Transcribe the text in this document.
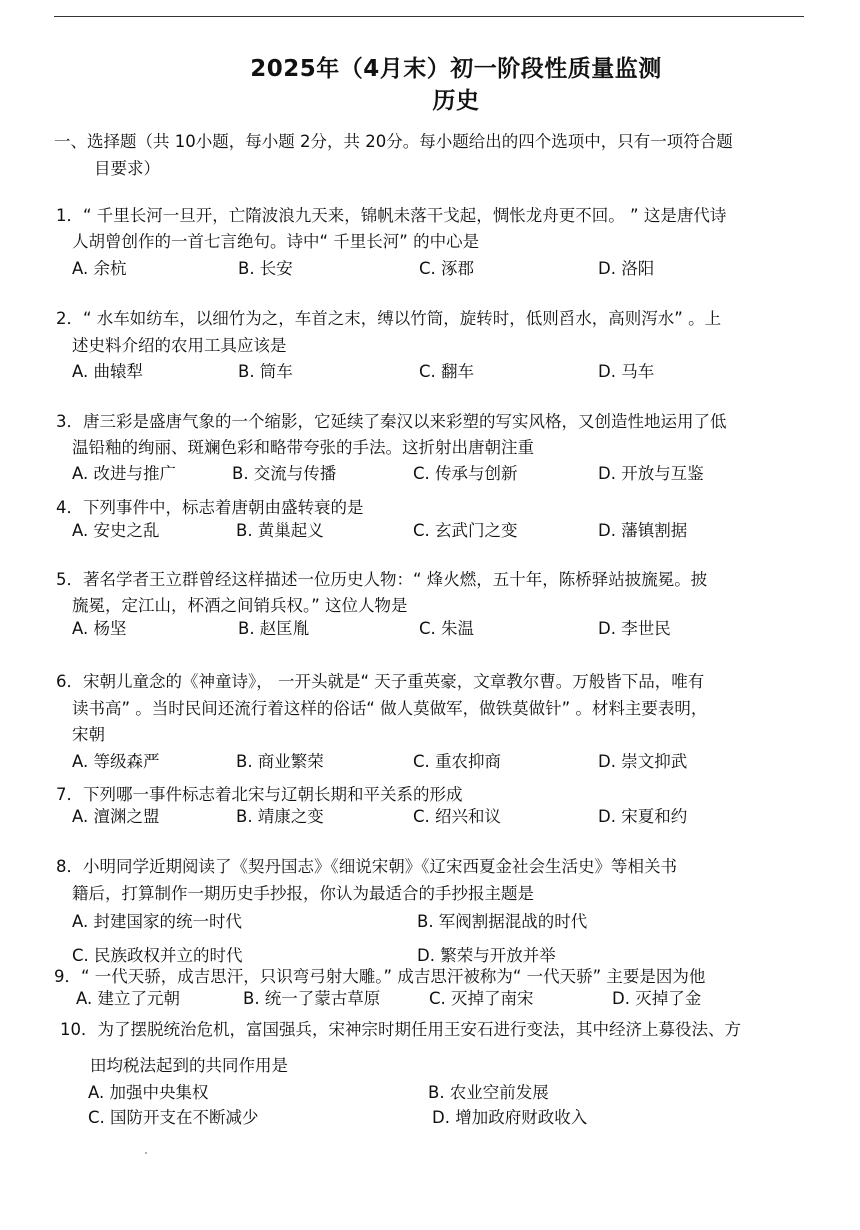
2025年（4月末）初一阶段性质量监测
历史
一、选择题（共 10小题，每小题 2分，共 20分。每小题给出的四个选项中，只有一项符合题
目要求）
1．“ 千里长河一旦开，亡隋波浪九天来，锦帆未落干戈起，惆怅龙舟更不回。 ” 这是唐代诗
人胡曾创作的一首七言绝句。诗中“ 千里长河” 的中心是
A. 余杭	B. 长安	C. 涿郡	D. 洛阳
2．“ 水车如纺车，以细竹为之，车首之末，缚以竹筒，旋转时，低则舀水，高则泻水” 。上
述史料介绍的农用工具应该是
A. 曲辕犁	B. 筒车	C. 翻车	D. 马车
3．唐三彩是盛唐气象的一个缩影，它延续了秦汉以来彩塑的写实风格，又创造性地运用了低
温铅釉的绚丽、斑斓色彩和略带夸张的手法。这折射出唐朝注重
A. 改进与推广	B. 交流与传播	C. 传承与创新	D. 开放与互鉴
4．下列事件中，标志着唐朝由盛转衰的是
A. 安史之乱	B. 黄巢起义	C. 玄武门之变	D. 藩镇割据
5．著名学者王立群曾经这样描述一位历史人物：“ 烽火燃，五十年，陈桥驿站披旒冕。披
旒冕，定江山，杯酒之间销兵权。” 这位人物是
A. 杨坚	B. 赵匡胤	C. 朱温	D. 李世民
6．宋朝儿童念的《神童诗》， 一开头就是“ 天子重英豪，文章教尔曹。万般皆下品，唯有
读书高” 。当时民间还流行着这样的俗话“ 做人莫做军，做铁莫做针” 。材料主要表明，
宋朝
A. 等级森严	B. 商业繁荣	C. 重农抑商	D. 崇文抑武
7．下列哪一事件标志着北宋与辽朝长期和平关系的形成
A. 澶渊之盟	B. 靖康之变	C. 绍兴和议	D. 宋夏和约
8．小明同学近期阅读了《契丹国志》《细说宋朝》《辽宋西夏金社会生活史》等相关书
籍后，打算制作一期历史手抄报，你认为最适合的手抄报主题是
A. 封建国家的统一时代	B. 军阀割据混战的时代
C. 民族政权并立的时代	D. 繁荣与开放并举
9．“ 一代天骄，成吉思汗，只识弯弓射大雕。” 成吉思汗被称为“ 一代天骄” 主要是因为他
A. 建立了元朝	B. 统一了蒙古草原	C. 灭掉了南宋	D. 灭掉了金
10．为了摆脱统治危机，富国强兵，宋神宗时期任用王安石进行变法，其中经济上募役法、方
田均税法起到的共同作用是
A. 加强中央集权	B. 农业空前发展
C. 国防开支在不断减少	D. 增加政府财政收入
